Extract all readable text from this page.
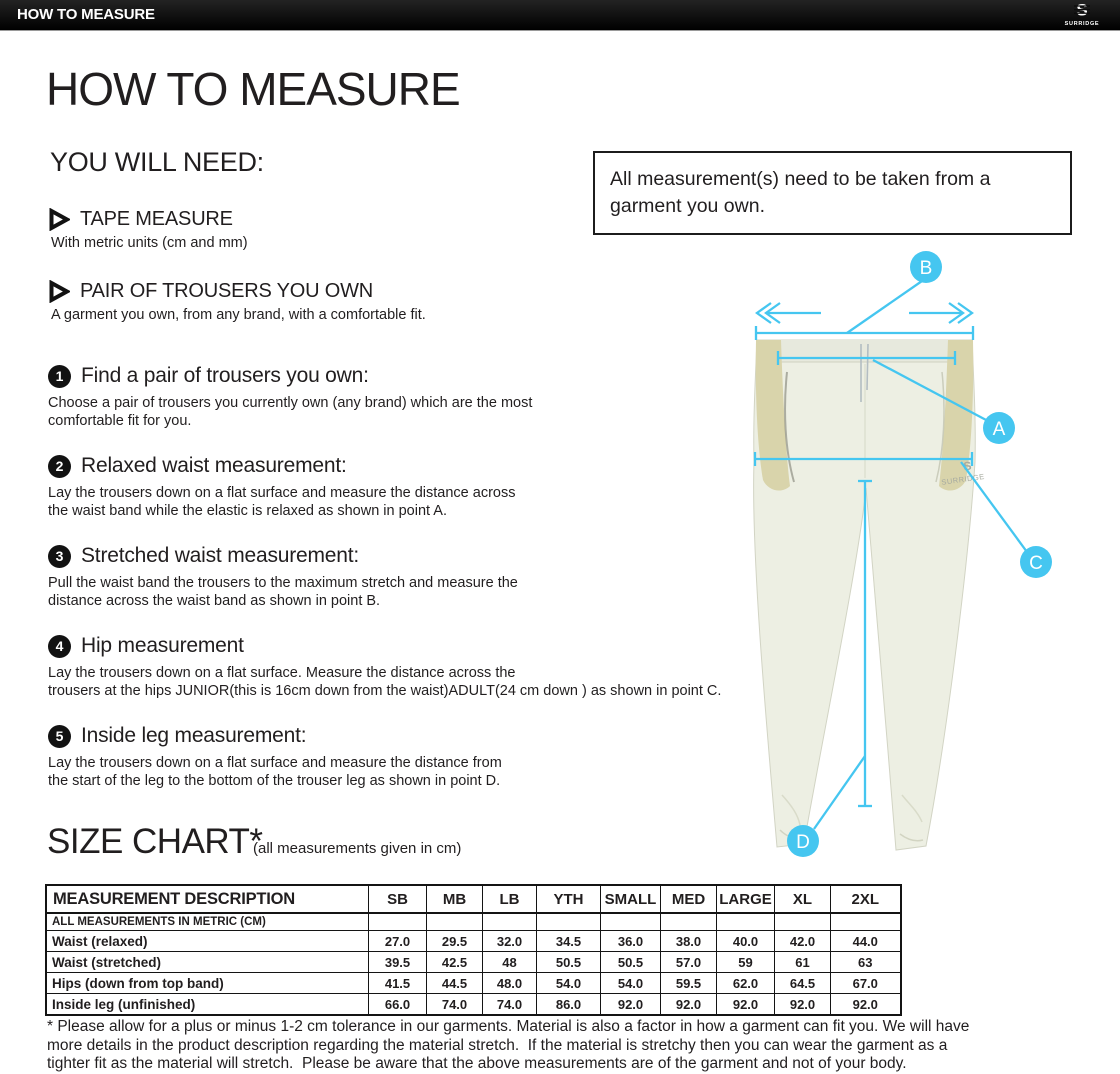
HOW TO MEASURE	S
SURRIDGE
HOW TO MEASURE
YOU WILL NEED:
TAPE MEASURE
With metric units (cm and mm)
PAIR OF TROUSERS YOU OWN
A garment you own, from any brand, with a comfortable fit.
All measurement(s) need to be taken from a garment you own.
1 Find a pair of trousers you own:
Choose a pair of trousers you currently own (any brand) which are the most
comfortable fit for you.
2 Relaxed waist measurement:
Lay the trousers down on a flat surface and measure the distance across
the waist band while the elastic is relaxed as shown in point A.
3 Stretched waist measurement:
Pull the waist band the trousers to the maximum stretch and measure the
distance across the waist band as shown in point B.
4 Hip measurement
Lay the trousers down on a flat surface. Measure the distance across the
trousers at the hips JUNIOR(this is 16cm down from the waist)ADULT(24 cm down ) as shown in point C.
5 Inside leg measurement:
Lay the trousers down on a flat surface and measure the distance from
the start of the leg to the bottom of the trouser leg as shown in point D.
S
SURRIDGE
B
A
C
D
SIZE CHART*
(all measurements given in cm)
MEASUREMENT DESCRIPTION	SB	MB	LB	YTH	SMALL	MED	LARGE	XL	2XL
ALL MEASUREMENTS IN METRIC (CM)									
Waist (relaxed)	27.0	29.5	32.0	34.5	36.0	38.0	40.0	42.0	44.0
Waist (stretched)	39.5	42.5	48	50.5	50.5	57.0	59	61	63
Hips (down from top band)	41.5	44.5	48.0	54.0	54.0	59.5	62.0	64.5	67.0
Inside leg (unfinished)	66.0	74.0	74.0	86.0	92.0	92.0	92.0	92.0	92.0
* Please allow for a plus or minus 1-2 cm tolerance in our garments. Material is also a factor in how a garment can fit you. We will have
more details in the product description regarding the material stretch.  If the material is stretchy then you can wear the garment as a
tighter fit as the material will stretch.  Please be aware that the above measurements are of the garment and not of your body.
